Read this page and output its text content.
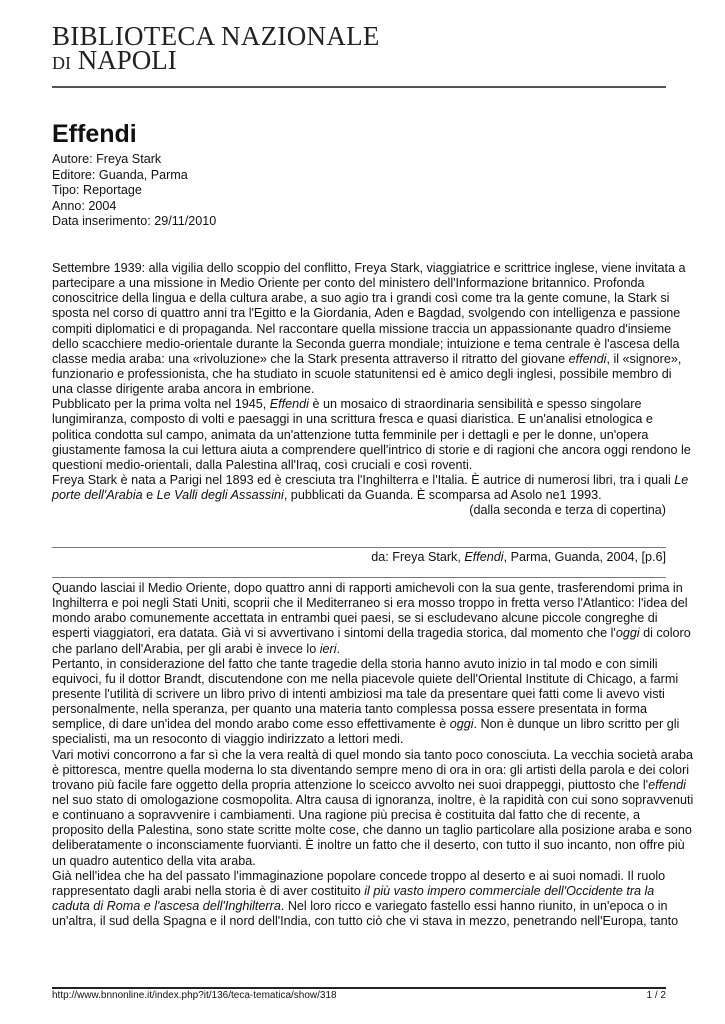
BIBLIOTECA NAZIONALE
DI NAPOLI
Effendi
Autore: Freya Stark
Editore: Guanda, Parma
Tipo: Reportage
Anno: 2004
Data inserimento: 29/11/2010
Settembre 1939: alla vigilia dello scoppio del conflitto, Freya Stark, viaggiatrice e scrittrice inglese, viene invitata a
partecipare a una missione in Medio Oriente per conto del ministero dell'Informazione britannico. Profonda
conoscitrice della lingua e della cultura arabe, a suo agio tra i grandi così come tra la gente comune, la Stark si
sposta nel corso di quattro anni tra l'Egitto e la Giordania, Aden e Bagdad, svolgendo con intelligenza e passione
compiti diplomatici e di propaganda. Nel raccontare quella missione traccia un appassionante quadro d'insieme
dello scacchiere medio-orientale durante la Seconda guerra mondiale; intuizione e tema centrale è l'ascesa della
classe media araba: una «rivoluzione» che la Stark presenta attraverso il ritratto del giovane effendi, il «signore»,
funzionario e professionista, che ha studiato in scuole statunitensi ed è amico degli inglesi, possibile membro di
una classe dirigente araba ancora in embrione.
Pubblicato per la prima volta nel 1945, Effendi è un mosaico di straordinaria sensibilità e spesso singolare
lungimiranza, composto di volti e paesaggi in una scrittura fresca e quasi diaristica. E un'analisi etnologica e
politica condotta sul campo, animata da un'attenzione tutta femminile per i dettagli e per le donne, un'opera
giustamente famosa la cui lettura aiuta a comprendere quell'intrico di storie e di ragioni che ancora oggi rendono le
questioni medio-orientali, dalla Palestina all'Iraq, così cruciali e così roventi.
Freya Stark è nata a Parigi nel 1893 ed è cresciuta tra l'Inghilterra e l'Italia. È autrice di numerosi libri, tra i quali Le
porte dell'Arabia e Le Valli degli Assassini, pubblicati da Guanda. È scomparsa ad Asolo ne1 1993.
(dalla seconda e terza di copertina)
da: Freya Stark, Effendi, Parma, Guanda, 2004, [p.6]
Quando lasciai il Medio Oriente, dopo quattro anni di rapporti amichevoli con la sua gente, trasferendomi prima in
Inghilterra e poi negli Stati Uniti, scoprii che il Mediterraneo si era mosso troppo in fretta verso l'Atlantico: l'idea del
mondo arabo comunemente accettata in entrambi quei paesi, se si escludevano alcune piccole congreghe di
esperti viaggiatori, era datata. Già vi si avvertivano i sintomi della tragedia storica, dal momento che l'oggi di coloro
che parlano dell'Arabia, per gli arabi è invece lo ieri.
Pertanto, in considerazione del fatto che tante tragedie della storia hanno avuto inizio in tal modo e con simili
equivoci, fu il dottor Brandt, discutendone con me nella piacevole quiete dell'Oriental Institute di Chicago, a farmi
presente l'utilità di scrivere un libro privo di intenti ambiziosi ma tale da presentare quei fatti come li avevo visti
personalmente, nella speranza, per quanto una materia tanto complessa possa essere presentata in forma
semplice, di dare un'idea del mondo arabo come esso effettivamente è oggi. Non è dunque un libro scritto per gli
specialisti, ma un resoconto di viaggio indirizzato a lettori medi.
Vari motivi concorrono a far sì che la vera realtà di quel mondo sia tanto poco conosciuta. La vecchia società araba
è pittoresca, mentre quella moderna lo sta diventando sempre meno di ora in ora: gli artisti della parola e dei colori
trovano più facile fare oggetto della propria attenzione lo sceicco avvolto nei suoi drappeggi, piuttosto che l'effendi
nel suo stato di omologazione cosmopolita. Altra causa di ignoranza, inoltre, è la rapidità con cui sono sopravvenuti
e continuano a sopravvenire i cambiamenti. Una ragione più precisa è costituita dal fatto che di recente, a
proposito della Palestina, sono state scritte molte cose, che danno un taglio particolare alla posizione araba e sono
deliberatamente o inconsciamente fuorvianti. È inoltre un fatto che il deserto, con tutto il suo incanto, non offre più
un quadro autentico della vita araba.
Già nell'idea che ha del passato l'immaginazione popolare concede troppo al deserto e ai suoi nomadi. Il ruolo
rappresentato dagli arabi nella storia è di aver costituito il più vasto impero commerciale dell'Occidente tra la
caduta di Roma e l'ascesa dell'Inghilterra. Nel loro ricco e variegato fastello essi hanno riunito, in un'epoca o in
un'altra, il sud della Spagna e il nord dell'India, con tutto ciò che vi stava in mezzo, penetrando nell'Europa, tanto
http://www.bnnonline.it/index.php?it/136/teca-tematica/show/318	1 / 2
